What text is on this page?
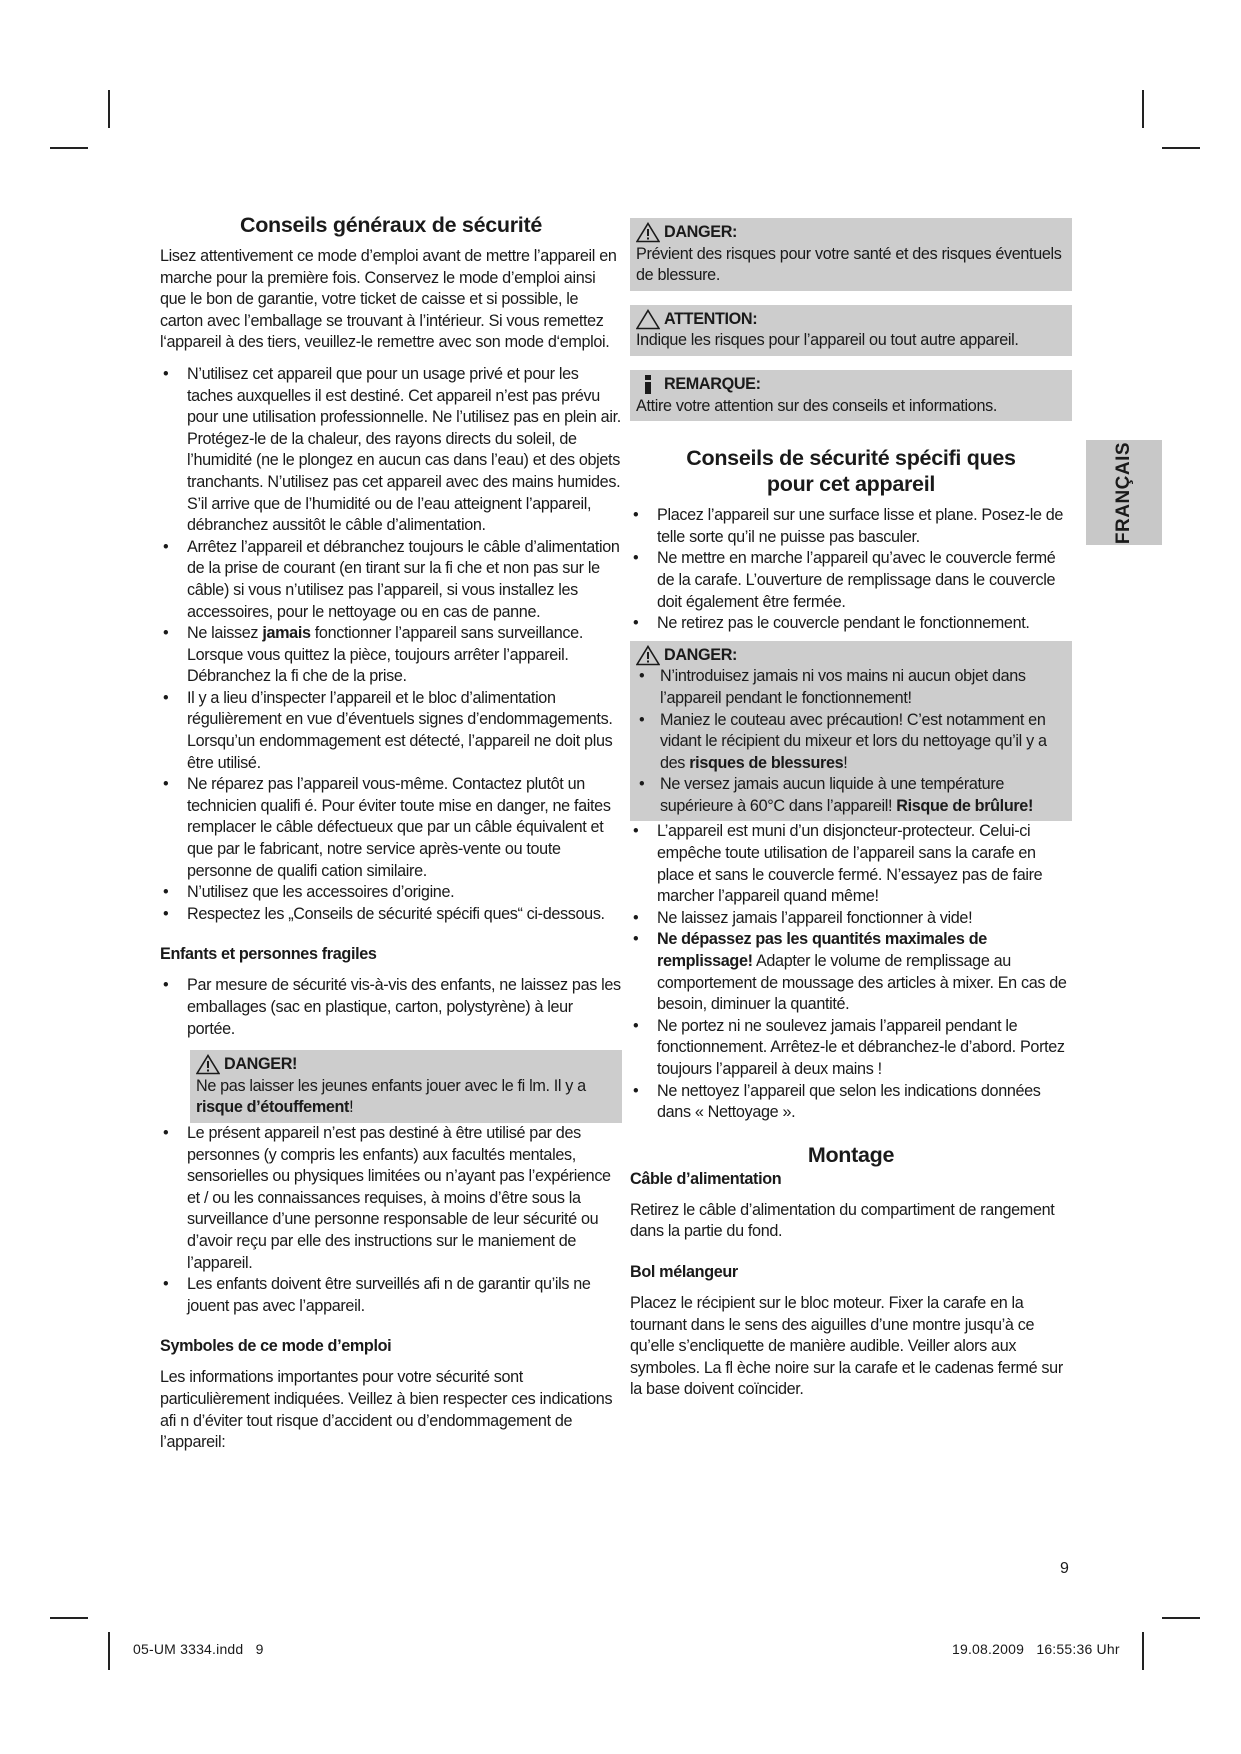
Conseils généraux de sécurité

Lisez attentivement ce mode d’emploi avant de mettre l’appareil en marche pour la première fois. Conservez le mode d’emploi ainsi que le bon de garantie, votre ticket de caisse et si possible, le carton avec l’emballage se trouvant à l’intérieur. Si vous remettez l‘appareil à des tiers, veuillez-le remettre avec son mode d‘emploi.

• N’utilisez cet appareil que pour un usage privé et pour les taches auxquelles il est destiné. Cet appareil n’est pas prévu pour une utilisation professionnelle. Ne l’utilisez pas en plein air. Protégez-le de la chaleur, des rayons directs du soleil, de l’humidité (ne le plongez en aucun cas dans l’eau) et des objets tranchants. N’utilisez pas cet appareil avec des mains humides. S’il arrive que de l’humidité ou de l’eau atteignent l’appareil, débranchez aussitôt le câble d’alimentation.
• Arrêtez l’appareil et débranchez toujours le câble d’alimentation de la prise de courant (en tirant sur la fi che et non pas sur le câble) si vous n’utilisez pas l’appareil, si vous installez les accessoires, pour le nettoyage ou en cas de panne.
• Ne laissez jamais fonctionner l’appareil sans surveillance.
Lorsque vous quittez la pièce, toujours arrêter l’appareil. Débranchez la fi che de la prise.
• Il y a lieu d’inspecter l’appareil et le bloc d’alimentation régulièrement en vue d’éventuels signes d’endommagements. Lorsqu’un endommagement est détecté, l’appareil ne doit plus être utilisé.
• Ne réparez pas l’appareil vous-même. Contactez plutôt un technicien qualifi é. Pour éviter toute mise en danger, ne faites remplacer le câble défectueux que par un câble équivalent et que par le fabricant, notre service après-vente ou toute personne de qualifi cation similaire.
• N’utilisez que les accessoires d’origine.
• Respectez les „Conseils de sécurité spécifi ques“ ci-dessous.
Enfants et personnes fragiles
• Par mesure de sécurité vis-à-vis des enfants, ne laissez pas les emballages (sac en plastique, carton, polystyrène) à leur portée.
DANGER!

Ne pas laisser les jeunes enfants jouer avec le fi lm. Il y a risque d’étouffement!

• Le présent appareil n’est pas destiné à être utilisé par des personnes (y compris les enfants) aux facultés mentales, sensorielles ou physiques limitées ou n’ayant pas l’expérience et / ou les connaissances requises, à moins d’être sous la surveillance d’une personne responsable de leur sécurité ou d’avoir reçu par elle des instructions sur le maniement de l’appareil.
• Les enfants doivent être surveillés afi n de garantir qu’ils ne jouent pas avec l’appareil.
Symboles de ce mode d’emploi

Les informations importantes pour votre sécurité sont particulièrement indiquées. Veillez à bien respecter ces indications afi n d’éviter tout risque d’accident ou d’endommagement de l’appareil:

DANGER:

Prévient des risques pour votre santé et des risques éventuels de blessure.

ATTENTION:

Indique les risques pour l’appareil ou tout autre appareil.

REMARQUE:

Attire votre attention sur des conseils et informations.

Conseils de sécurité spécifi ques
pour cet appareil
• Placez l’appareil sur une surface lisse et plane. Posez-le de telle sorte qu’il ne puisse pas basculer.
• Ne mettre en marche l’appareil qu’avec le couvercle fermé de la carafe. L’ouverture de remplissage dans le couvercle doit également être fermée.
• Ne retirez pas le couvercle pendant le fonctionnement.
DANGER:
• N’introduisez jamais ni vos mains ni aucun objet dans l’appareil pendant le fonctionnement!
• Maniez le couteau avec précaution! C’est notamment en vidant le récipient du mixeur et lors du nettoyage qu’il y a des risques de blessures!
• Ne versez jamais aucun liquide à une température supérieure à 60°C dans l’appareil! Risque de brûlure!
• L’appareil est muni d’un disjoncteur-protecteur. Celui-ci empêche toute utilisation de l’appareil sans la carafe en place et sans le couvercle fermé. N’essayez pas de faire marcher l’appareil quand même!
• Ne laissez jamais l’appareil fonctionner à vide!
• Ne dépassez pas les quantités maximales de remplissage! Adapter le volume de remplissage au comportement de moussage des articles à mixer. En cas de besoin, diminuer la quantité.
• Ne portez ni ne soulevez jamais l’appareil pendant le fonctionnement. Arrêtez-le et débranchez-le d’abord. Portez toujours l’appareil à deux mains !
• Ne nettoyez l’appareil que selon les indications données dans « Nettoyage ».
Montage
Câble d’alimentation

Retirez le câble d’alimentation du compartiment de rangement dans la partie du fond.

Bol mélangeur

Placez le récipient sur le bloc moteur. Fixer la carafe en la tournant dans le sens des aiguilles d’une montre jusqu’à ce qu’elle s’encliquette de manière audible. Veiller alors aux symboles. La fl èche noire sur la carafe et le cadenas fermé sur la base doivent coïncider.

FRANÇAIS
9
05-UM 3334.indd   9	19.08.2009   16:55:36 Uhr
